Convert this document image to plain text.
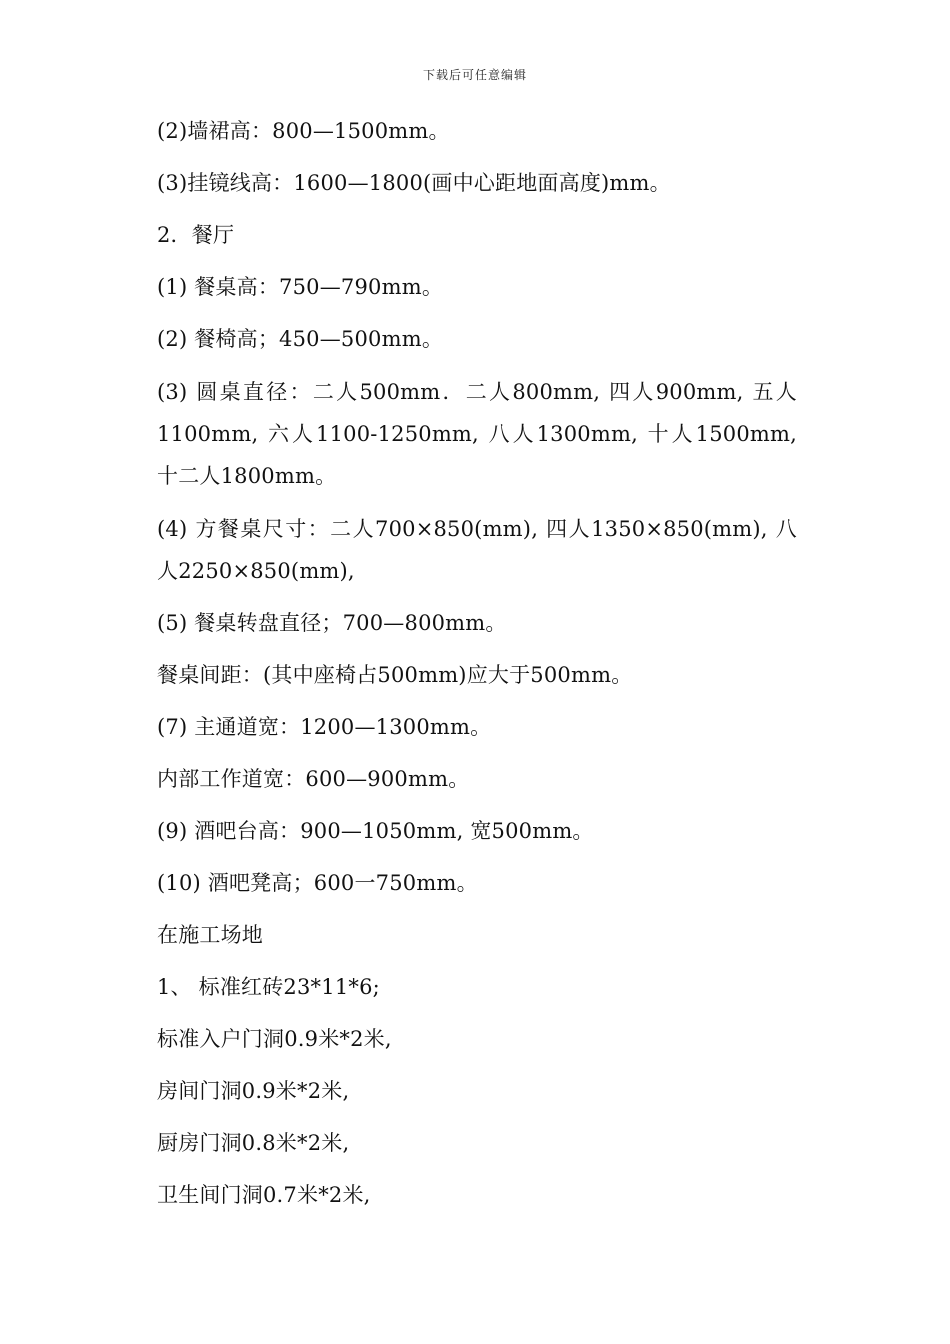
下载后可任意编辑
(2)墙裙高：800—1500mm。
(3)挂镜线高：1600—1800(画中心距地面高度)mm。
2．餐厅
(1) 餐桌高：750—790mm。
(2) 餐椅高；450—500mm。
(3) 圆桌直径：二人500mm．二人800mm, 四人900mm, 五人1100mm, 六人1100-1250mm, 八人1300mm, 十人1500mm, 十二人1800mm。
(4) 方餐桌尺寸：二人700×850(mm), 四人1350×850(mm), 八人2250×850(mm),
(5) 餐桌转盘直径；700—800mm。
餐桌间距：(其中座椅占500mm)应大于500mm。
(7) 主通道宽：1200—1300mm。
内部工作道宽：600—900mm。
(9) 酒吧台高：900—1050mm, 宽500mm。
(10) 酒吧凳高；600一750mm。
在施工场地
1、 标准红砖23*11*6;
标准入户门洞0.9米*2米,
房间门洞0.9米*2米,
厨房门洞0.8米*2米,
卫生间门洞0.7米*2米,
